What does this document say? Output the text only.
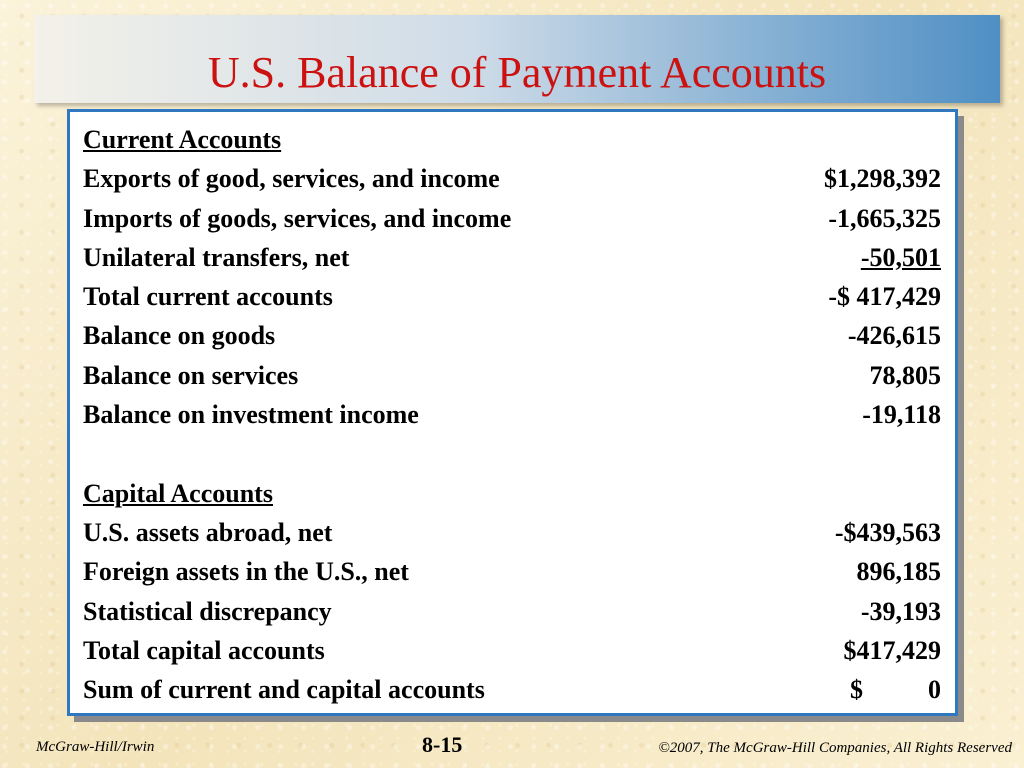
U.S. Balance of Payment Accounts
Current Accounts
Exports of good, services, and income	$1,298,392
Imports of goods, services, and income	-1,665,325
Unilateral transfers, net	-50,501
Total current accounts	-$ 417,429
Balance on goods	-426,615
Balance on services	78,805
Balance on investment income	-19,118
Capital Accounts
U.S. assets abroad, net	-$439,563
Foreign assets in the U.S., net	896,185
Statistical discrepancy	-39,193
Total capital accounts	$417,429
Sum of current and capital accounts	$          0
McGraw-Hill/Irwin	8-15	©2007, The McGraw-Hill Companies, All Rights Reserved
